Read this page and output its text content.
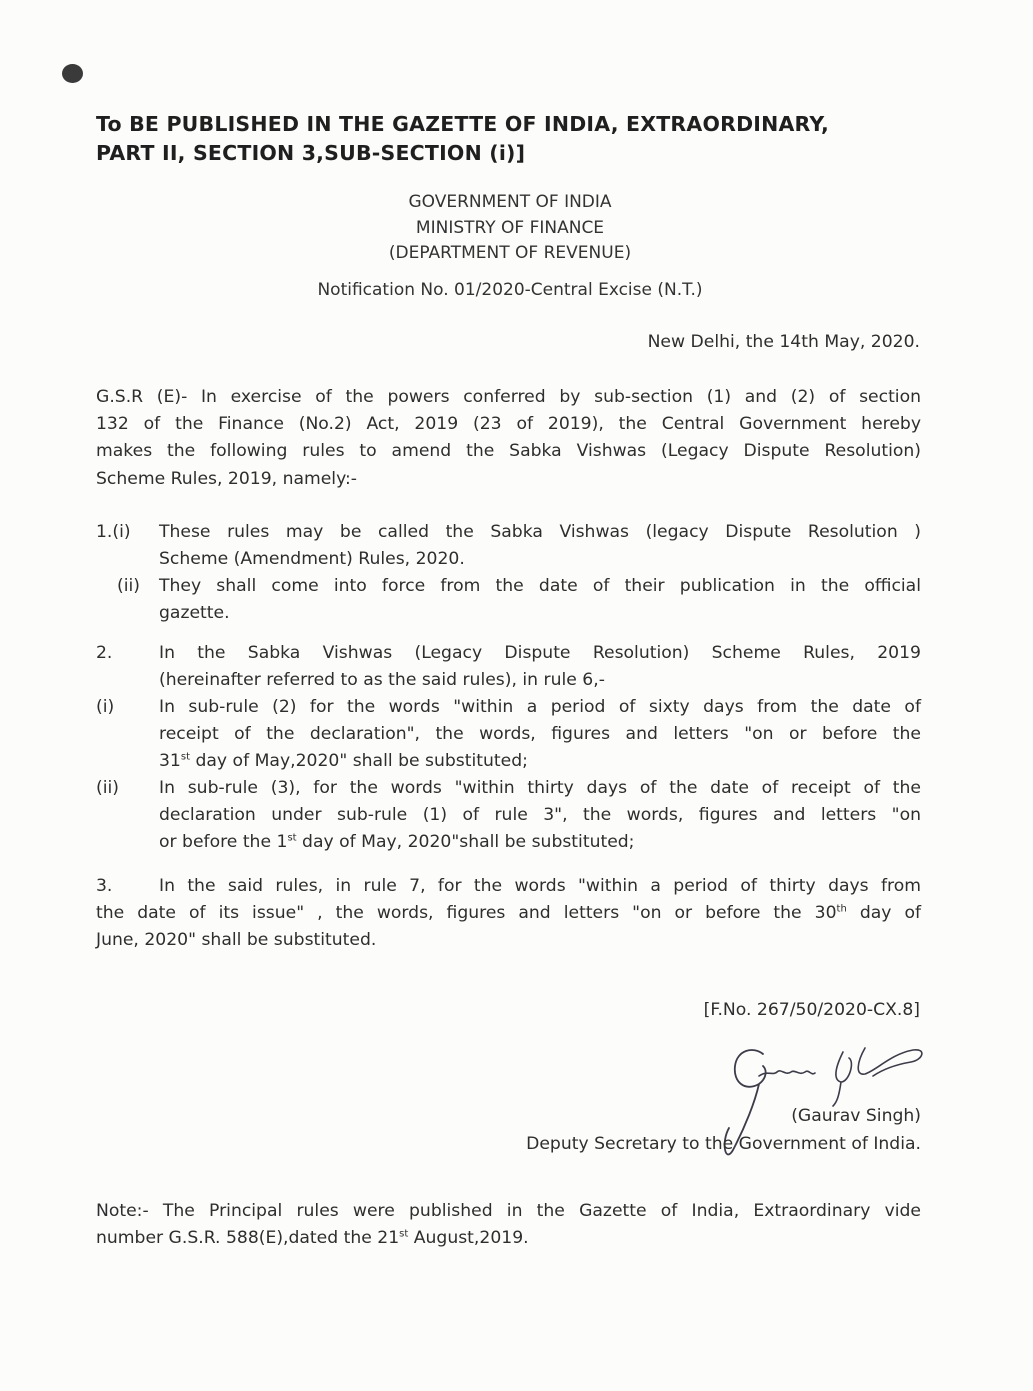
To BE PUBLISHED IN THE GAZETTE OF INDIA, EXTRAORDINARY,
PART II, SECTION 3,SUB-SECTION (i)]
GOVERNMENT OF INDIA
MINISTRY OF FINANCE
(DEPARTMENT OF REVENUE)
Notification No. 01/2020-Central Excise (N.T.)
New Delhi, the 14th May, 2020.
G.S.R (E)- In exercise of the powers conferred by sub-section (1) and (2) of section
132 of the Finance (No.2) Act, 2019 (23 of 2019), the Central Government hereby
makes the following rules to amend the Sabka Vishwas (Legacy Dispute Resolution)
Scheme Rules, 2019, namely:-
1.(i) These rules may be called the Sabka Vishwas (legacy Dispute Resolution )
Scheme (Amendment) Rules, 2020.
(ii) They shall come into force from the date of their publication in the official
gazette.
2.	In the Sabka Vishwas (Legacy Dispute Resolution) Scheme Rules, 2019
(hereinafter referred to as the said rules), in rule 6,-
(i)	In sub-rule (2) for the words "within a period of sixty days from the date of
receipt of the declaration", the words, figures and letters "on or before the
31st day of May,2020" shall be substituted;
(ii) In sub-rule (3), for the words "within thirty days of the date of receipt of the
declaration under sub-rule (1) of rule 3", the words, figures and letters "on
or before the 1st day of May, 2020"shall be substituted;
3.	In the said rules, in rule 7, for the words "within a period of thirty days from
the date of its issue" , the words, figures and letters "on or before the 30th day of
June, 2020" shall be substituted.
[F.No. 267/50/2020-CX.8]
(Gaurav Singh)
Deputy Secretary to the Government of India.
Note:- The Principal rules were published in the Gazette of India, Extraordinary vide
number G.S.R. 588(E),dated the 21st August,2019.
